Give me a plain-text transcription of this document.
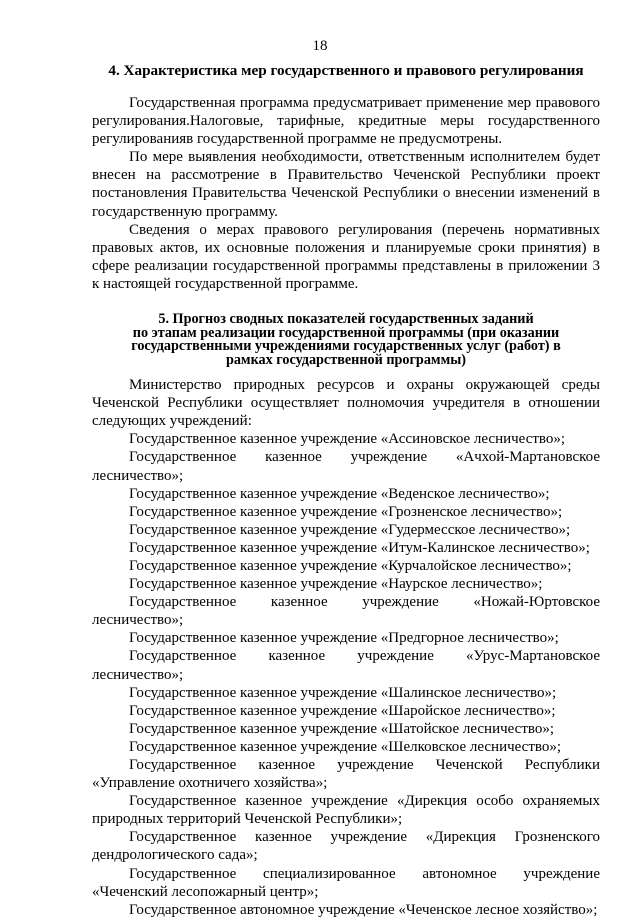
18
4. Характеристика мер государственного и правового регулирования

Государственная программа предусматривает применение мер правового регулирования.Налоговые, тарифные, кредитные меры государственного регулированияв государственной программе не предусмотрены.

По мере выявления необходимости, ответственным исполнителем будет внесен на рассмотрение в Правительство Чеченской Республики проект постановления Правительства Чеченской Республики о внесении изменений в государственную программу.

Сведения о мерах правового регулирования (перечень нормативных правовых актов, их основные положения и планируемые сроки принятия) в сфере реализации государственной программы представлены в приложении 3 к настоящей государственной программе.

5. Прогноз сводных показателей государственных заданий
по этапам реализации государственной программы (при оказании
государственными учреждениями государственных услуг (работ) в
рамках государственной программы)

Министерство природных ресурсов и охраны окружающей среды Чеченской Республики осуществляет полномочия учредителя в отношении следующих учреждений:

Государственное казенное учреждение «Ассиновское лесничество»;

Государственное казенное учреждение «Ачхой-Мартановское лесничество»;

Государственное казенное учреждение «Веденское лесничество»;

Государственное казенное учреждение «Грозненское лесничество»;

Государственное казенное учреждение «Гудермесское лесничество»;

Государственное казенное учреждение «Итум-Калинское лесничество»;

Государственное казенное учреждение «Курчалойское лесничество»;

Государственное казенное учреждение «Наурское лесничество»;

Государственное казенное учреждение «Ножай-Юртовское лесничество»;

Государственное казенное учреждение «Предгорное лесничество»;

Государственное казенное учреждение «Урус-Мартановское лесничество»;

Государственное казенное учреждение «Шалинское лесничество»;

Государственное казенное учреждение «Шаройское лесничество»;

Государственное казенное учреждение «Шатойское лесничество»;

Государственное казенное учреждение «Шелковское лесничество»;

Государственное казенное учреждение Чеченской Республики «Управление охотничего хозяйства»;

Государственное казенное учреждение «Дирекция особо охраняемых природных территорий Чеченской Республики»;

Государственное казенное учреждение «Дирекция Грозненского дендрологического сада»;

Государственное специализированное автономное учреждение «Чеченский лесопожарный центр»;

Государственное автономное учреждение «Чеченское лесное хозяйство»;
